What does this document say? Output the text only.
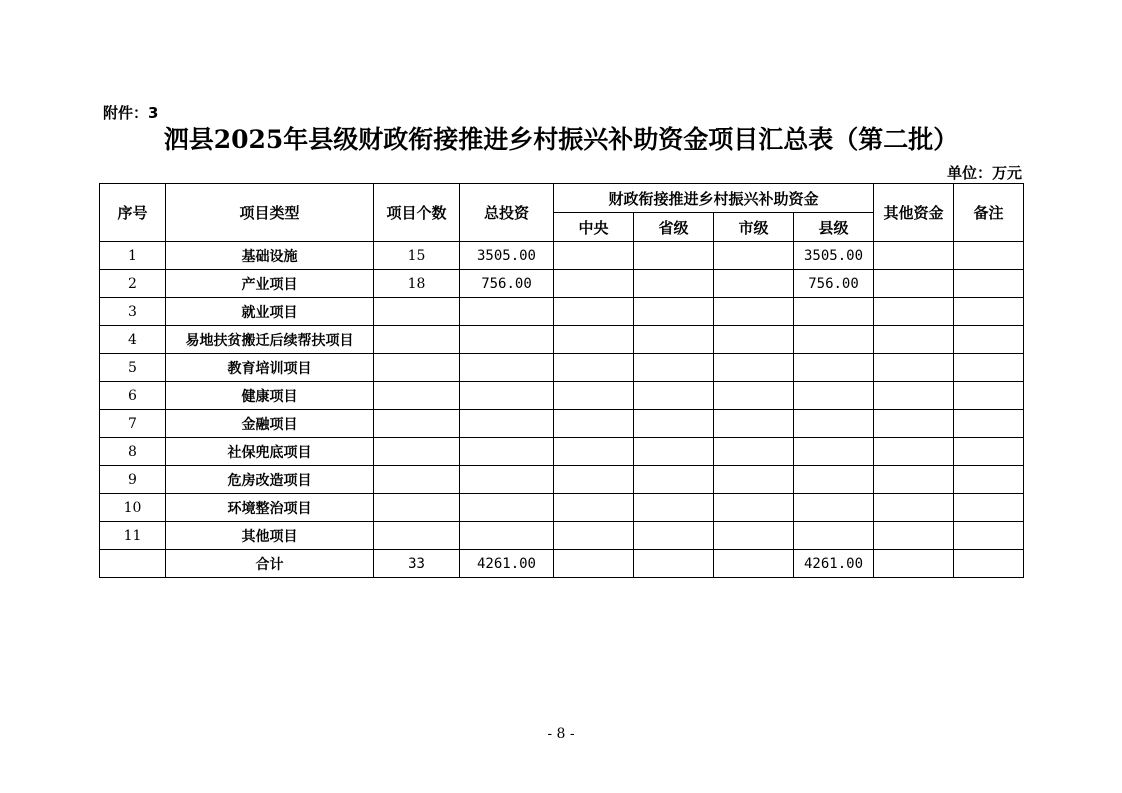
附件：3
泗县2025年县级财政衔接推进乡村振兴补助资金项目汇总表（第二批）
单位：万元
序号	项目类型	项目个数	总投资	财政衔接推进乡村振兴补助资金				其他资金	备注
				中央	省级	市级	县级		
1	基础设施	15	3505.00				3505.00		
2	产业项目	18	756.00				756.00		
3	就业项目								
4	易地扶贫搬迁后续帮扶项目								
5	教育培训项目								
6	健康项目								
7	金融项目								
8	社保兜底项目								
9	危房改造项目								
10	环境整治项目								
11	其他项目								
	合计	33	4261.00				4261.00		
- 8 -
